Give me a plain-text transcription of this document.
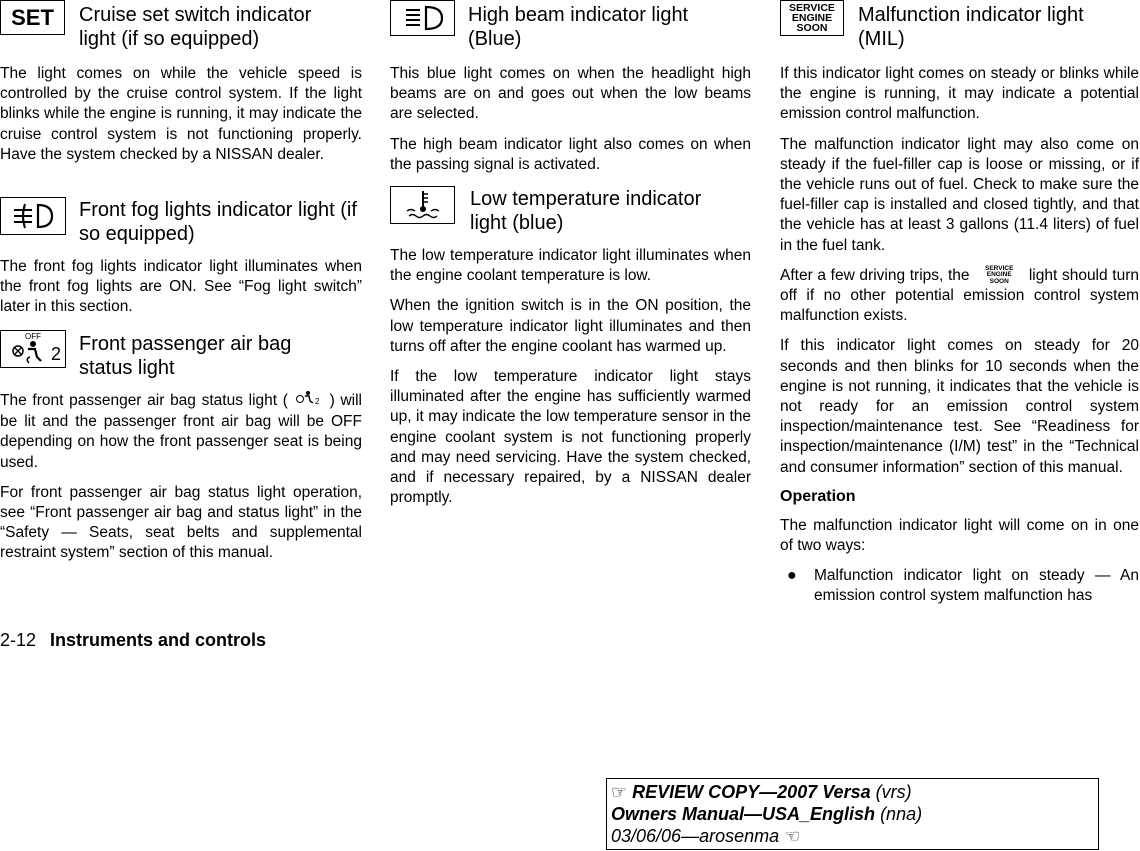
SET Cruise set switch indicator light (if so equipped)

The light comes on while the vehicle speed is controlled by the cruise control system. If the light blinks while the engine is running, it may indicate the cruise control system is not functioning properly. Have the system checked by a NISSAN dealer.

Front fog lights indicator light (if so equipped)

The front fog lights indicator light illuminates when the front fog lights are ON. See “Fog light switch” later in this section.

OFF
2 Front passenger air bag status light

The front passenger air bag status light (	2 ) will be lit and the passenger front air bag will be OFF depending on how the front passenger seat is being used.

For front passenger air bag status light operation, see “Front passenger air bag and status light” in the “Safety — Seats, seat belts and supplemental restraint system” section of this manual.

High beam indicator light (Blue)

This blue light comes on when the headlight high beams are on and goes out when the low beams are selected.

The high beam indicator light also comes on when the passing signal is activated.

Low temperature indicator light (blue)

The low temperature indicator light illuminates when the engine coolant temperature is low.

When the ignition switch is in the ON position, the low temperature indicator light illuminates and then turns off after the engine coolant has warmed up.

If the low temperature indicator light stays illuminated after the engine has sufficiently warmed up, it may indicate the low temperature sensor in the engine coolant system is not functioning properly and may need servicing. Have the system checked, and if necessary repaired, by a NISSAN dealer promptly.

SERVICE
ENGINE
SOON
Malfunction indicator light (MIL)

If this indicator light comes on steady or blinks while the engine is running, it may indicate a potential emission control malfunction.

The malfunction indicator light may also come on steady if the fuel-filler cap is loose or missing, or if the vehicle runs out of fuel. Check to make sure the fuel-filler cap is installed and closed tightly, and that the vehicle has at least 3 gallons (11.4 liters) of fuel in the fuel tank.

After a few driving trips, the SERVICE
ENGINE
SOON light should turn off if no other potential emission control system malfunction exists.

If this indicator light comes on steady for 20 seconds and then blinks for 10 seconds when the engine is not running, it indicates that the vehicle is not ready for an emission control system inspection/maintenance test. See “Readiness for inspection/maintenance (I/M) test” in the “Technical and consumer information” section of this manual.

Operation

The malfunction indicator light will come on in one of two ways:

● Malfunction indicator light on steady — An emission control system malfunction has

2-12 Instruments and controls
☞ REVIEW COPY—2007 Versa (vrs)
Owners Manual—USA_English (nna)
03/06/06—arosenma ☜
